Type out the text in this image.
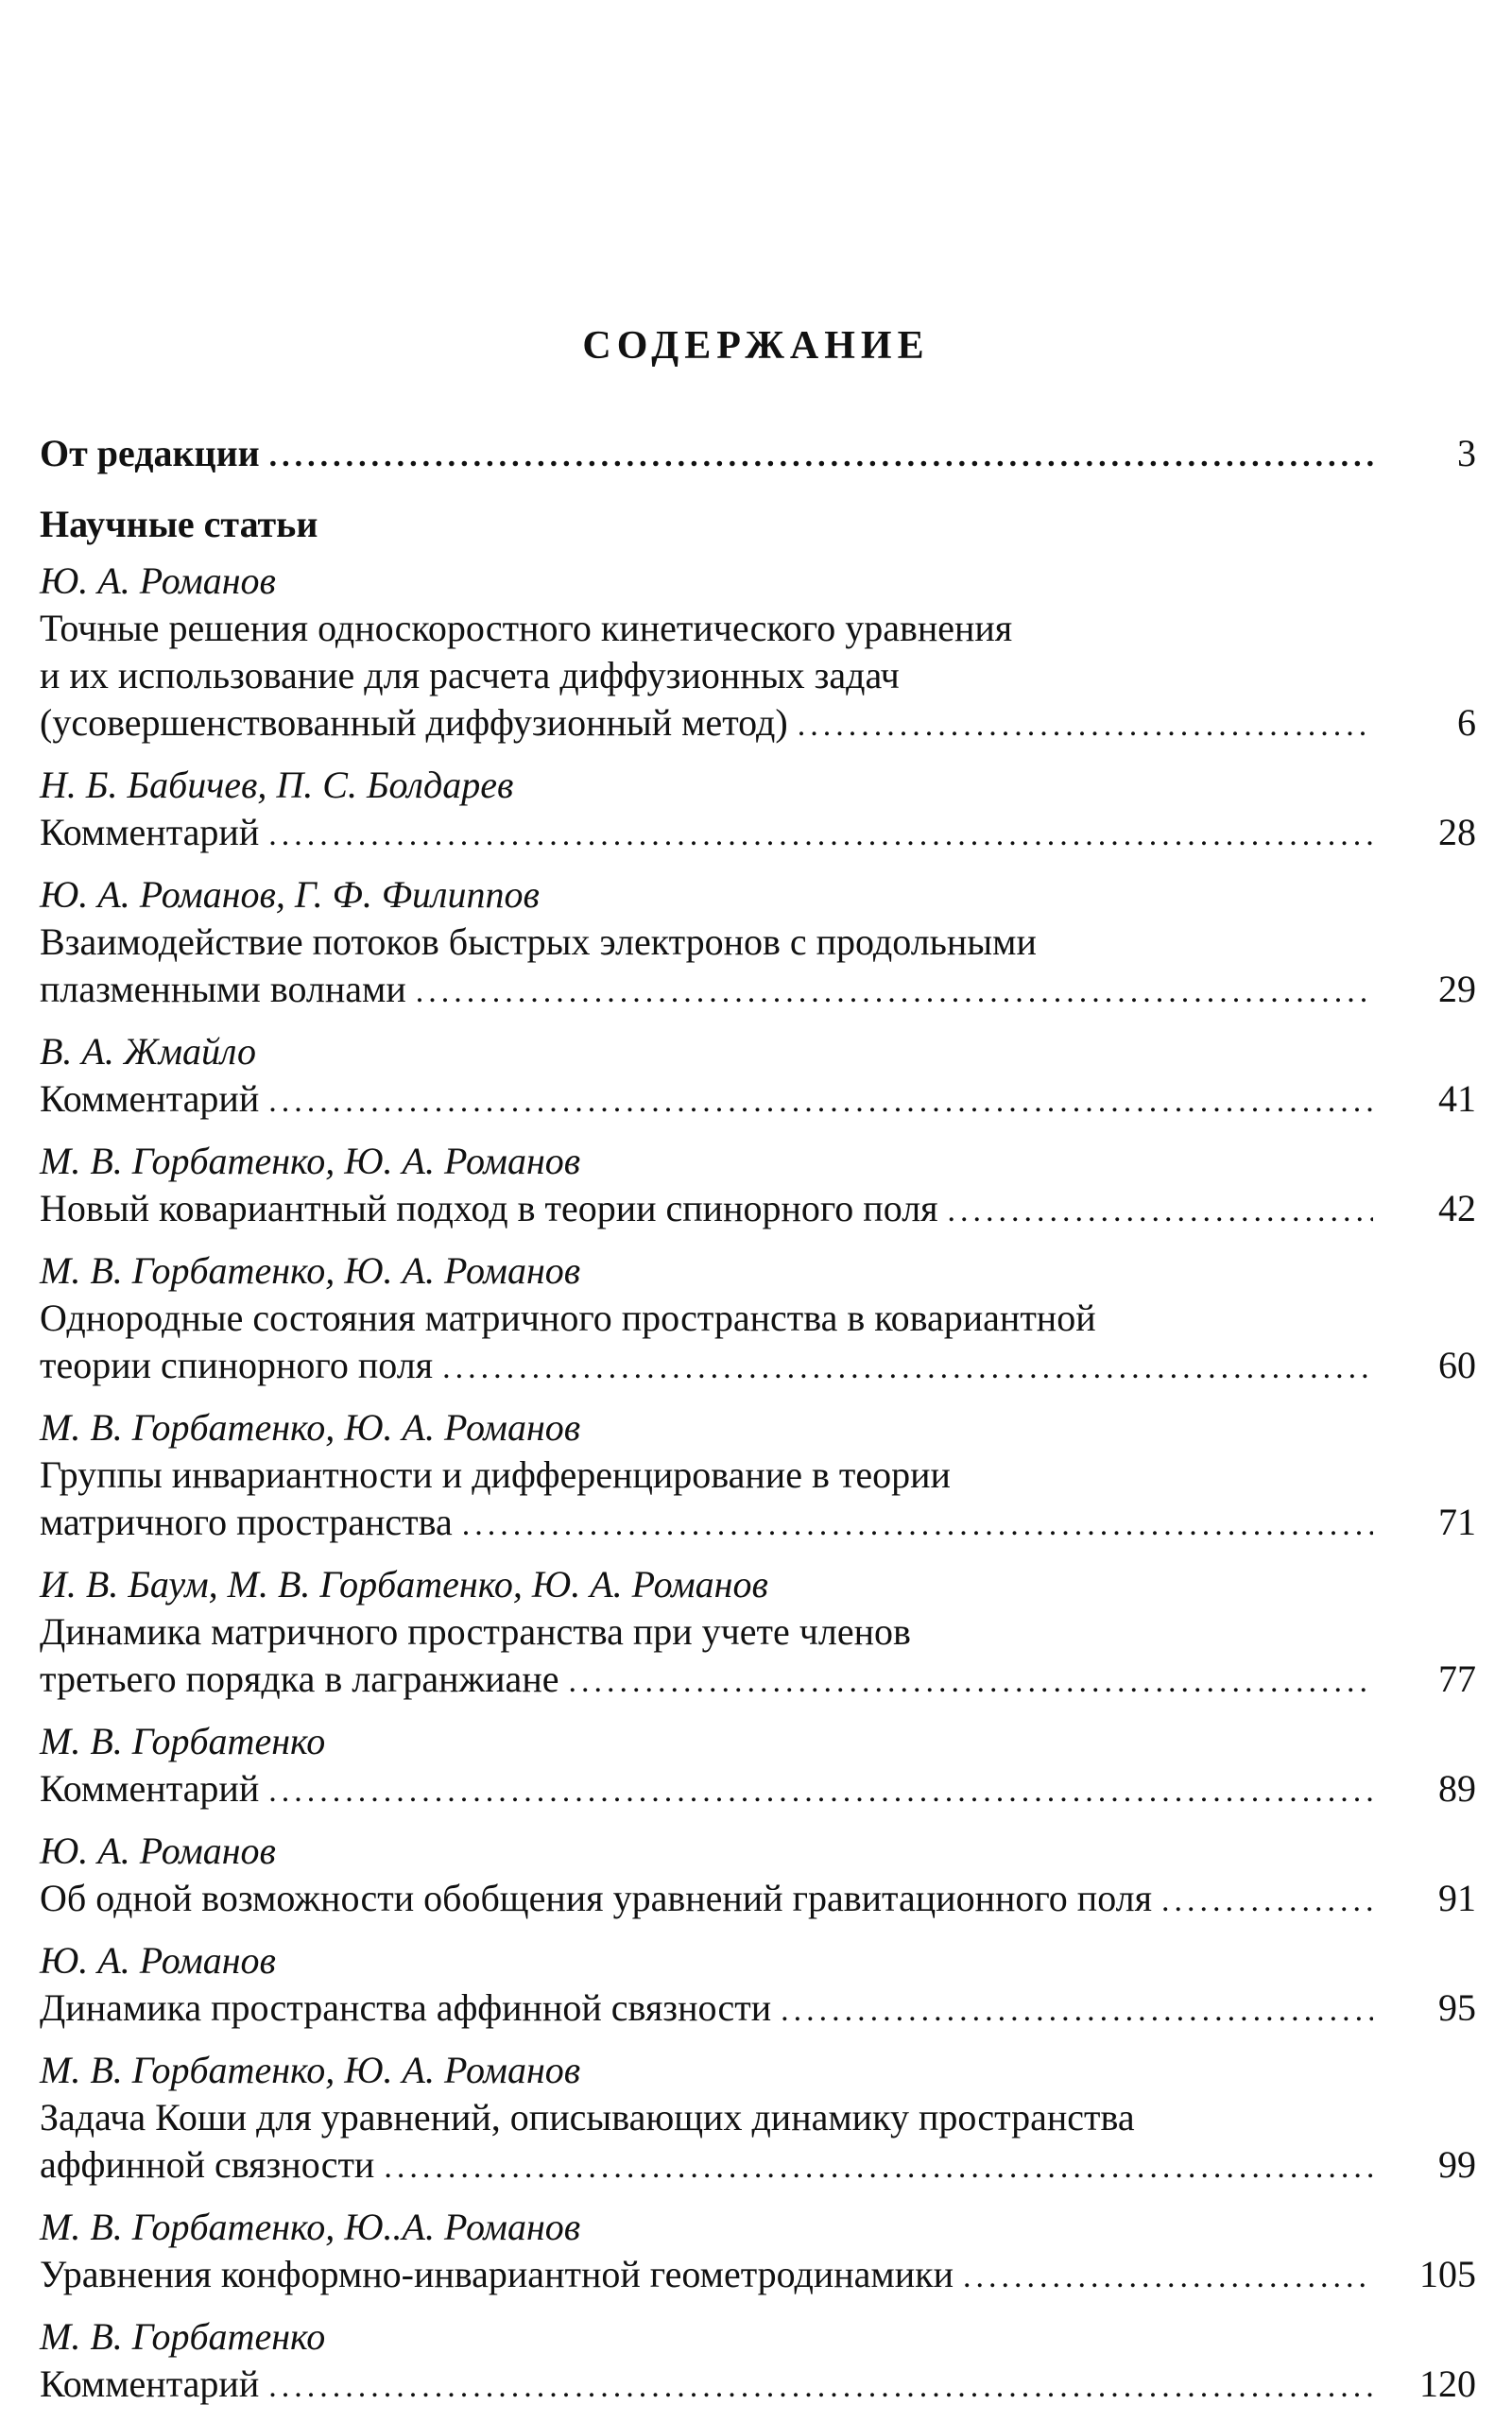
СОДЕРЖАНИЕ
От редакции .....	3
Научные статьи
Ю. А. Романов
Точные решения односкоростного кинетического уравнения
и их использование для расчета диффузионных задач
(усовершенствованный диффузионный метод) .....	6
Н. Б. Бабичев, П. С. Болдарев
Комментарий .....	28
Ю. А. Романов, Г. Ф. Филиппов
Взаимодействие потоков быстрых электронов с продольными
плазменными волнами .....	29
В. А. Жмайло
Комментарий .....	41
М. В. Горбатенко, Ю. А. Романов
Новый ковариантный подход в теории спинорного поля .....	42
М. В. Горбатенко, Ю. А. Романов
Однородные состояния матричного пространства в ковариантной
теории спинорного поля .....	60
М. В. Горбатенко, Ю. А. Романов
Группы инвариантности и дифференцирование в теории
матричного пространства .....	71
И. В. Баум, М. В. Горбатенко, Ю. А. Романов
Динамика матричного пространства при учете членов
третьего порядка в лагранжиане .....	77
М. В. Горбатенко
Комментарий .....	89
Ю. А. Романов
Об одной возможности обобщения уравнений гравитационного поля .....	91
Ю. А. Романов
Динамика пространства аффинной связности .....	95
М. В. Горбатенко, Ю. А. Романов
Задача Коши для уравнений, описывающих динамику пространства
аффинной связности .....	99
М. В. Горбатенко, Ю..А. Романов
Уравнения конформно-инвариантной геометродинамики .....	105
М. В. Горбатенко
Комментарий .....	120
